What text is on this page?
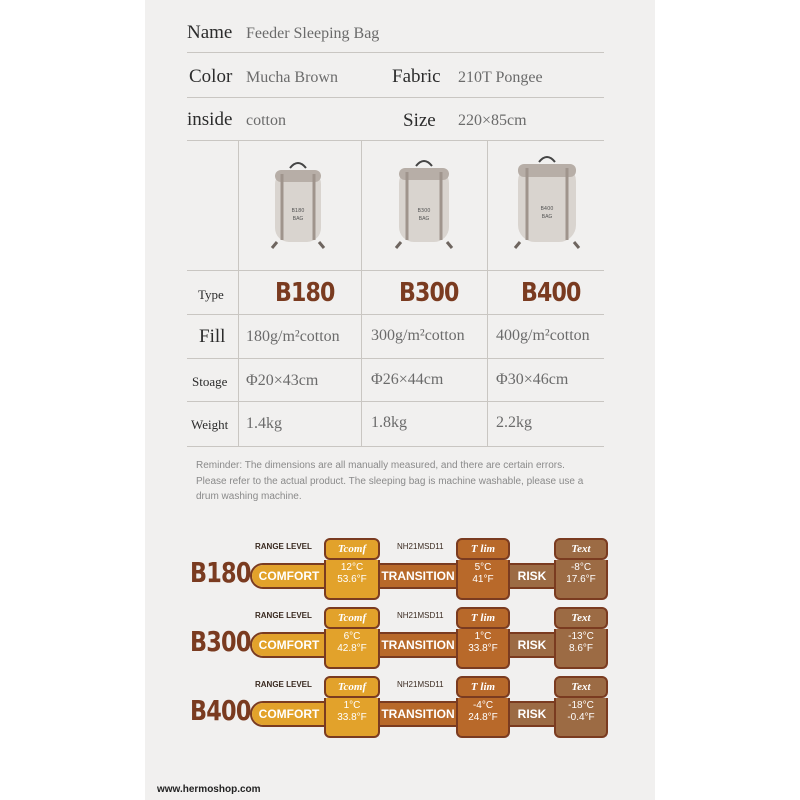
Name Feeder Sleeping Bag
Color Mucha Brown	Fabric 210T Pongee
inside cotton	Size 220×85cm
B180
BAG
B300
BAG
B400
BAG
Type B180 B300 B400
Fill 180g/m²cotton 300g/m²cotton 400g/m²cotton
Stoage Φ20×43cm	Φ26×44cm	Φ30×46cm
Weight 1.4kg	1.8kg	2.2kg
Reminder: The dimensions are all manually measured, and there are certain errors.
Please refer to the actual product. The sleeping bag is machine washable, please use a
drum washing machine.
B180
RANGE LEVEL	NH21MSD11
COMFORT	TRANSITION	RISK
Tcomf
12°C
53.6°F
T lim
5°C
41°F
Text
-8°C
17.6°F
B300
RANGE LEVEL	NH21MSD11
COMFORT	TRANSITION	RISK
Tcomf
6°C
42.8°F
T lim
1°C
33.8°F
Text
-13°C
8.6°F
B400
RANGE LEVEL	NH21MSD11
COMFORT	TRANSITION	RISK
Tcomf
1°C
33.8°F
T lim
-4°C
24.8°F
Text
-18°C
-0.4°F
www.hermoshop.com
